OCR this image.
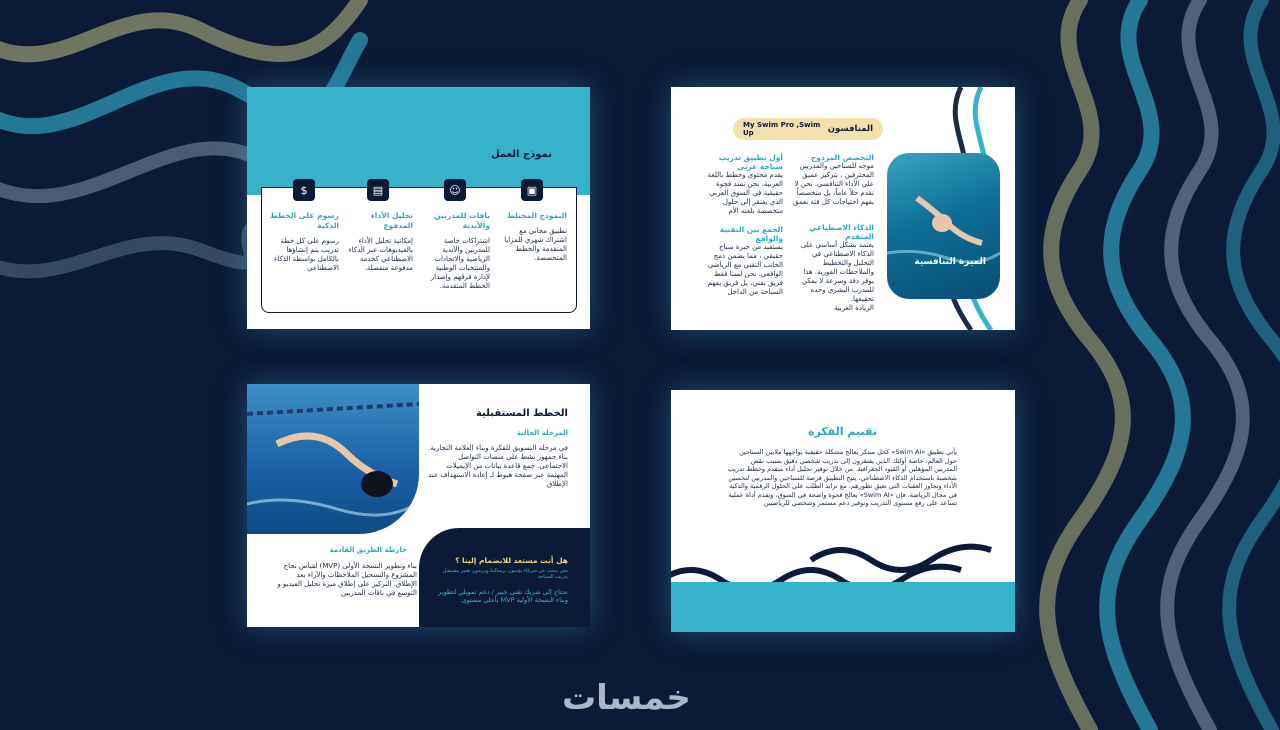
نموذج العمل
▣
النموذج المختلط
تطبيق مجاني مع اشتراك شهري للمزايا المتقدمة والخطط المتخصصة.
☺
باقات للمدربين والأندية
اشتراكات خاصة للمدربين والأندية الرياضية والاتحادات والمنتخبات الوطنية لإدارة فرقهم وإصدار الخطط المتقدمة.
▤
تحليل الأداء المدفوع
إمكانية تحليل الأداء بالفيديوهات عبر الذكاء الاصطناعي كخدمة مدفوعة منفصلة.
$
رسوم على الخطط الذكية
رسوم على كل خطة تدريب يتم إنشاؤها بالكامل بواسطة الذكاء الاصطناعي
My Swim Pro ,Swim Up	المنافسون
الميزة التنافسية
التخصص المزدوج
موجه للسباحين والمدربين المحترفين ، بتركيز عميق على الأداء التنافسي. نحن لا نقدم حلاً عاماً، بل متخصصاً يفهم احتياجات كل فئة بعمق
أول تطبيق تدريب سباحة عربي
يقدم محتوى وخطط باللغة العربية، نحن نسد فجوة حقيقية في السوق العربي الذي يفتقر إلى حلول متخصصة بلغته الأم
الذكاء الاصطناعي المتقدم
يعتمد بشكل أساسي على الذكاء الاصطناعي في التحليل والتخطيط والملاحظات الفورية. هذا يوفر دقة وسرعة لا يمكن للمدرب البشري وحده تحقيقها.
الريادة العربية
الجمع بين التقنية والواقع
يستفيد من خبرة سباح حقيقي ، مما يضمن دمج الجانب التقني مع الرياضي الواقعي. نحن لسنا فقط فريق تقني، بل فريق يفهم السباحة من الداخل
الخطط المستقبلية
المرحلة الحالية
في مرحلة التسويق للفكرة وبناء العلامة التجارية. بناء جمهور نشط على منصات التواصل الاجتماعي. جمع قاعدة بيانات من الإيميلات المهتمة عبر صفحة هبوط لـ إعادة الاستهداف عند الإطلاق
خارطة الطريق القادمة
بناء وتطوير النسخة الأولى (MVP) لقياس نجاح المشروع والتسجيل الملاحظات والآراء بعد الإطلاق. التركيز على إطلاق ميزة تحليل الفيديو و التوسع في باقات المدربين
هل أنت مستعد للانضمام إلينا ؟
نحن نبحث عن شركاء يؤمنون برسالتنا ويريدون تغيير مستقبل تدريب السباحة
نحتاج إلى شريك تقني خبير / دعم تمويلي لتطوير وبناء النسخة الأولية MVP بأعلى مستوى.
تقييم الفكرة
يأتي تطبيق «Swim AI» كحل مبتكر يعالج مشكلة حقيقية يواجهها ملايين السباحين حول العالم، خاصة أولئك الذين يفتقرون إلى تدريب شخصي دقيق بسبب نقص المدربين المؤهلين أو القيود الجغرافية. من خلال توفير تحليل أداء متقدم وخطط تدريب شخصية باستخدام الذكاء الاصطناعي، يتيح التطبيق فرصة للسباحين والمدربين لتحسين الأداء وتجاوز العقبات التي تعيق تطورهم. مع تزايد الطلب على الحلول الرقمية والذكية في مجال الرياضة، فإن «Swim AI» يعالج فجوة واضحة في السوق، ويقدم أداة عملية تساعد على رفع مستوى التدريب وتوفير دعم مستمر وشخصي للرياضيين
خمسات
